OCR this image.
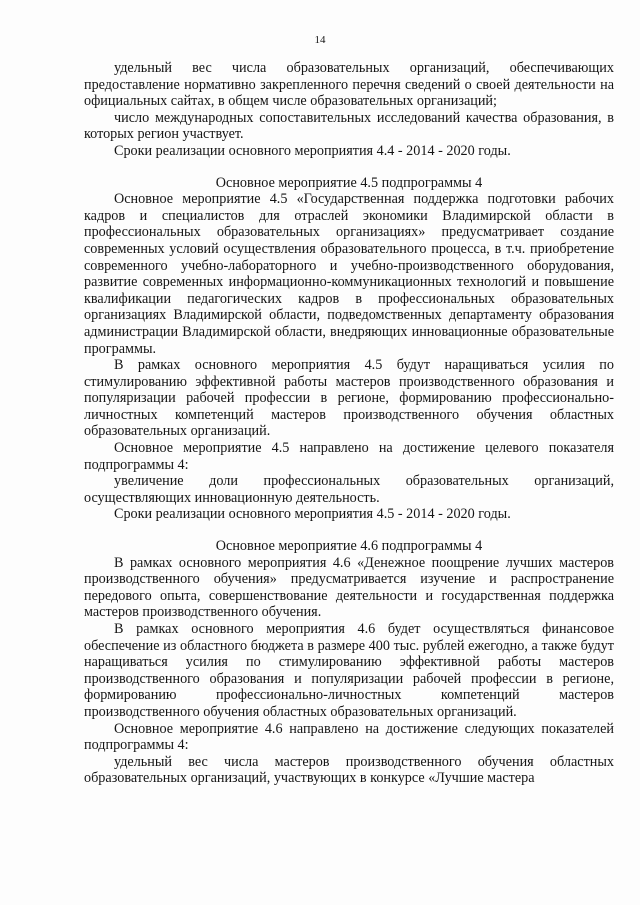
14

удельный вес числа образовательных организаций, обеспечивающих предоставление нормативно закрепленного перечня сведений о своей деятельности на официальных сайтах, в общем числе образовательных организаций;

число международных сопоставительных исследований качества образования, в которых регион участвует.

Сроки реализации основного мероприятия 4.4 - 2014 - 2020 годы.

Основное мероприятие 4.5 подпрограммы 4

Основное мероприятие 4.5 «Государственная поддержка подготовки рабочих кадров и специалистов для отраслей экономики Владимирской области в профессиональных образовательных организациях» предусматривает создание современных условий осуществления образовательного процесса, в т.ч. приобретение современного учебно-лабораторного и учебно-производственного оборудования, развитие современных информационно-коммуникационных технологий и повышение квалификации педагогических кадров в профессиональных образовательных организациях Владимирской области, подведомственных департаменту образования администрации Владимирской области, внедряющих инновационные образовательные программы.

В рамках основного мероприятия 4.5 будут наращиваться усилия по стимулированию эффективной работы мастеров производственного образования и популяризации рабочей профессии в регионе, формированию профессионально-личностных компетенций мастеров производственного обучения областных образовательных организаций.

Основное мероприятие 4.5 направлено на достижение целевого показателя подпрограммы 4:

увеличение доли профессиональных образовательных организаций, осуществляющих инновационную деятельность.

Сроки реализации основного мероприятия 4.5 - 2014 - 2020 годы.

Основное мероприятие 4.6 подпрограммы 4

В рамках основного мероприятия 4.6 «Денежное поощрение лучших мастеров производственного обучения» предусматривается изучение и распространение передового опыта, совершенствование деятельности и государственная поддержка мастеров производственного обучения.

В рамках основного мероприятия 4.6 будет осуществляться финансовое обеспечение из областного бюджета в размере 400 тыс. рублей ежегодно, а также будут наращиваться усилия по стимулированию эффективной работы мастеров производственного образования и популяризации рабочей профессии в регионе, формированию профессионально-личностных компетенций мастеров производственного обучения областных образовательных организаций.

Основное мероприятие 4.6 направлено на достижение следующих показателей подпрограммы 4:

удельный вес числа мастеров производственного обучения областных образовательных организаций, участвующих в конкурсе «Лучшие мастера
